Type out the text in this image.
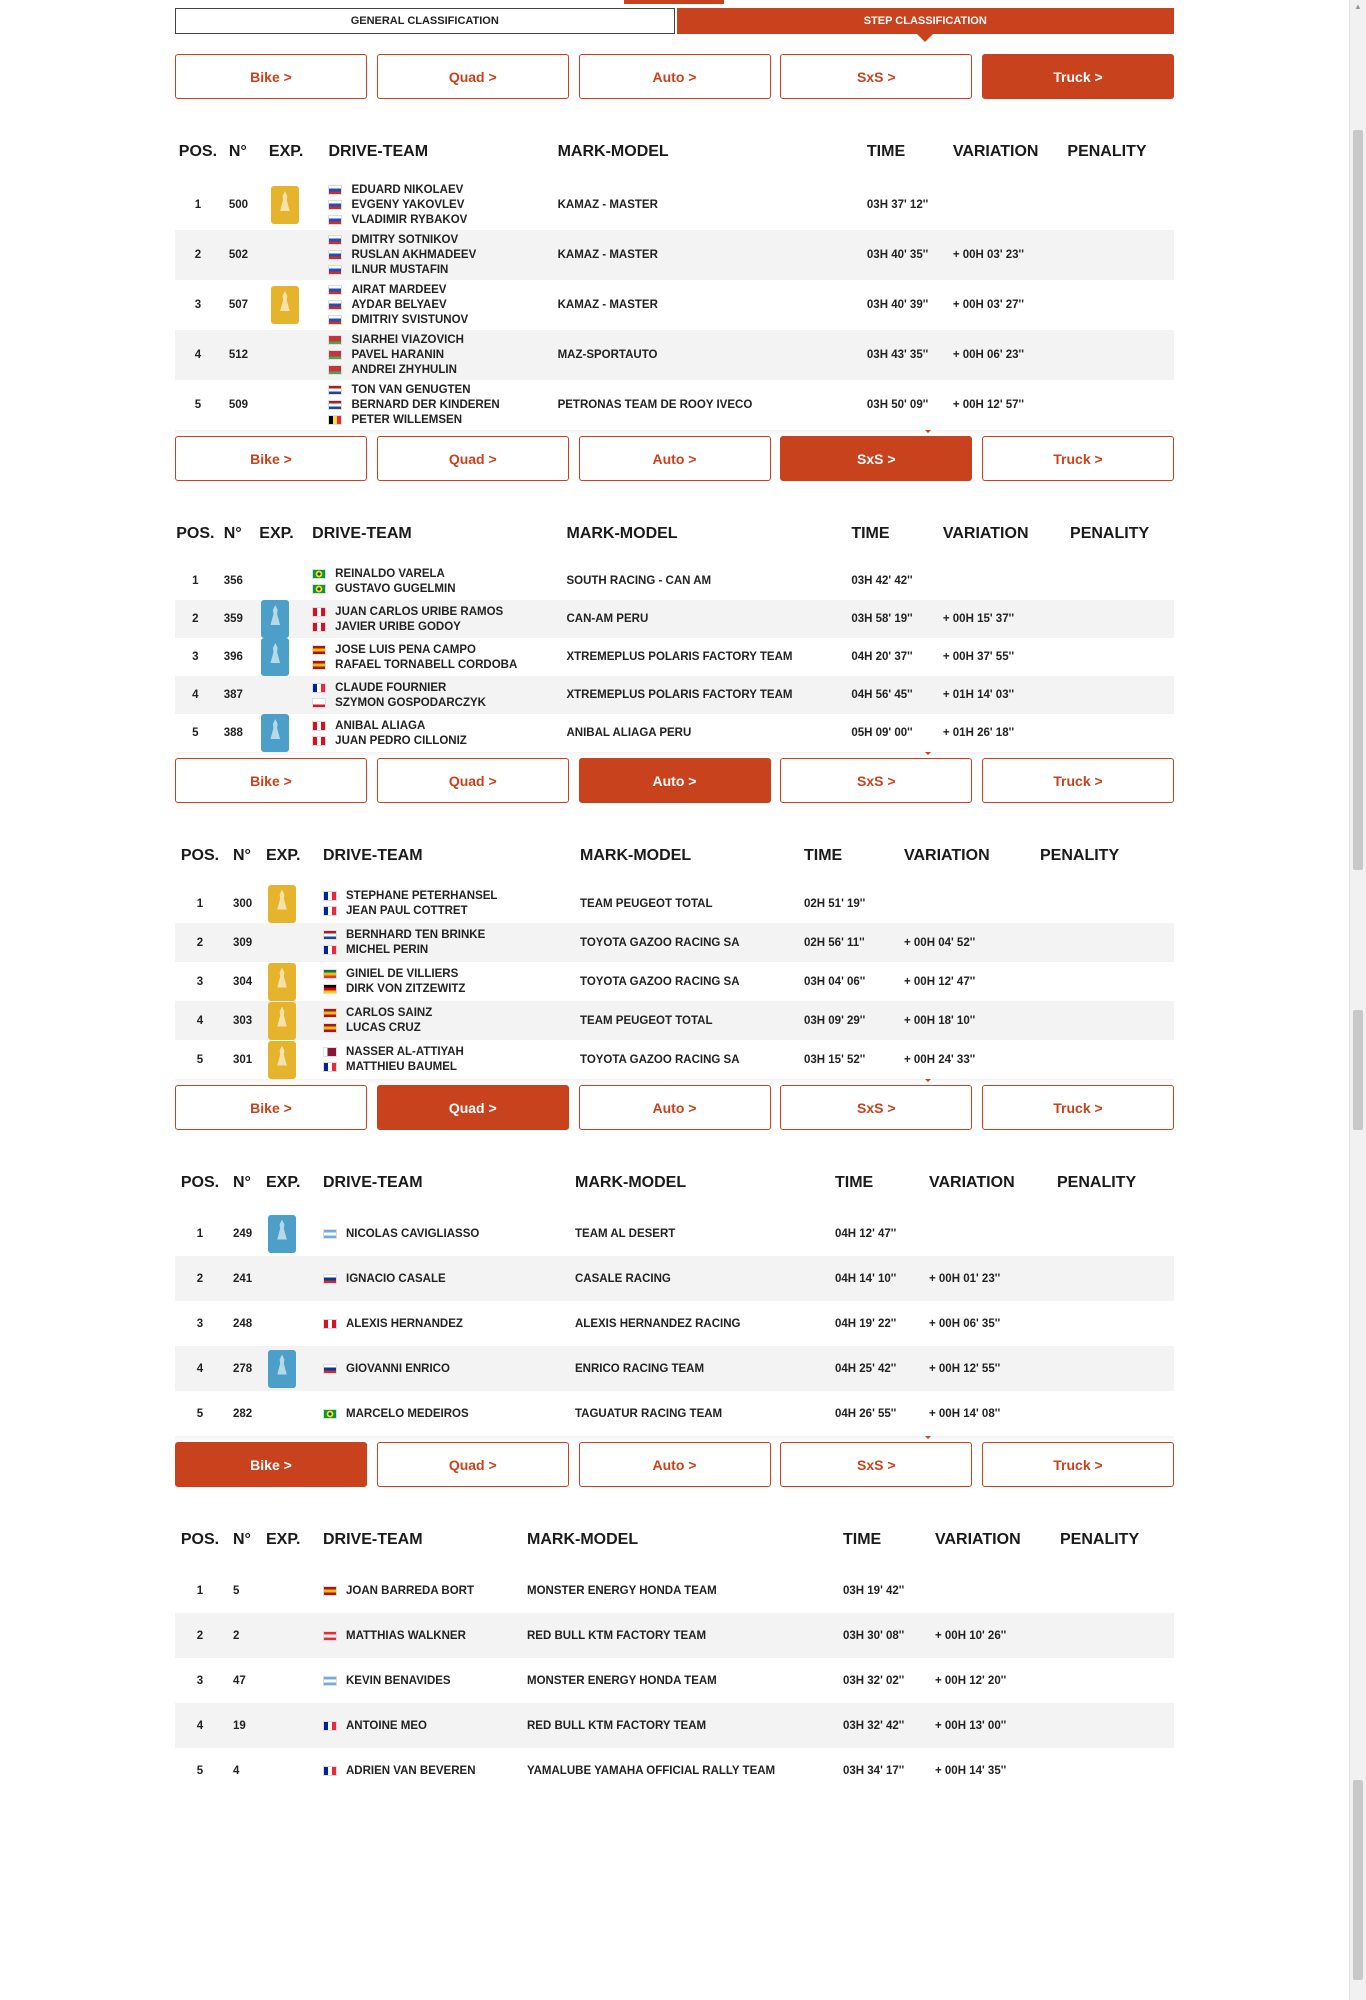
▲
GENERAL CLASSIFICATION	STEP CLASSIFICATION
Bike >	Quad >	Auto >	SxS >	Truck >
POS.	N°	EXP.	DRIVE-TEAM	MARK-MODEL	TIME	VARIATION	PENALITY
1	500		EDUARD NIKOLAEV
EVGENY YAKOVLEV
VLADIMIR RYBAKOV	KAMAZ - MASTER	03H 37' 12''		
2	502		DMITRY SOTNIKOV
RUSLAN AKHMADEEV
ILNUR MUSTAFIN	KAMAZ - MASTER	03H 40' 35''	+ 00H 03' 23''	
3	507		AIRAT MARDEEV
AYDAR BELYAEV
DMITRIY SVISTUNOV	KAMAZ - MASTER	03H 40' 39''	+ 00H 03' 27''	
4	512		SIARHEI VIAZOVICH
PAVEL HARANIN
ANDREI ZHYHULIN	MAZ-SPORTAUTO	03H 43' 35''	+ 00H 06' 23''	
5	509		TON VAN GENUGTEN
BERNARD DER KINDEREN
PETER WILLEMSEN	PETRONAS TEAM DE ROOY IVECO	03H 50' 09''	+ 00H 12' 57''	
Bike >	Quad >	Auto >	SxS >	Truck >
POS.	N°	EXP.	DRIVE-TEAM	MARK-MODEL	TIME	VARIATION	PENALITY
1	356		REINALDO VARELA
GUSTAVO GUGELMIN	SOUTH RACING - CAN AM	03H 42' 42''		
2	359		JUAN CARLOS URIBE RAMOS
JAVIER URIBE GODOY	CAN-AM PERU	03H 58' 19''	+ 00H 15' 37''	
3	396		JOSE LUIS PENA CAMPO
RAFAEL TORNABELL CORDOBA	XTREMEPLUS POLARIS FACTORY TEAM	04H 20' 37''	+ 00H 37' 55''	
4	387		CLAUDE FOURNIER
SZYMON GOSPODARCZYK	XTREMEPLUS POLARIS FACTORY TEAM	04H 56' 45''	+ 01H 14' 03''	
5	388		ANIBAL ALIAGA
JUAN PEDRO CILLONIZ	ANIBAL ALIAGA PERU	05H 09' 00''	+ 01H 26' 18''	
Bike >	Quad >	Auto >	SxS >	Truck >
POS.	N°	EXP.	DRIVE-TEAM	MARK-MODEL	TIME	VARIATION	PENALITY
1	300		STEPHANE PETERHANSEL
JEAN PAUL COTTRET	TEAM PEUGEOT TOTAL	02H 51' 19''		
2	309		BERNHARD TEN BRINKE
MICHEL PERIN	TOYOTA GAZOO RACING SA	02H 56' 11''	+ 00H 04' 52''	
3	304		GINIEL DE VILLIERS
DIRK VON ZITZEWITZ	TOYOTA GAZOO RACING SA	03H 04' 06''	+ 00H 12' 47''	
4	303		CARLOS SAINZ
LUCAS CRUZ	TEAM PEUGEOT TOTAL	03H 09' 29''	+ 00H 18' 10''	
5	301		NASSER AL-ATTIYAH
MATTHIEU BAUMEL	TOYOTA GAZOO RACING SA	03H 15' 52''	+ 00H 24' 33''	
Bike >	Quad >	Auto >	SxS >	Truck >
POS.	N°	EXP.	DRIVE-TEAM	MARK-MODEL	TIME	VARIATION	PENALITY
1	249		NICOLAS CAVIGLIASSO	TEAM AL DESERT	04H 12' 47''		
2	241		IGNACIO CASALE	CASALE RACING	04H 14' 10''	+ 00H 01' 23''	
3	248		ALEXIS HERNANDEZ	ALEXIS HERNANDEZ RACING	04H 19' 22''	+ 00H 06' 35''	
4	278		GIOVANNI ENRICO	ENRICO RACING TEAM	04H 25' 42''	+ 00H 12' 55''	
5	282		MARCELO MEDEIROS	TAGUATUR RACING TEAM	04H 26' 55''	+ 00H 14' 08''	
Bike >	Quad >	Auto >	SxS >	Truck >
POS.	N°	EXP.	DRIVE-TEAM	MARK-MODEL	TIME	VARIATION	PENALITY
1	5		JOAN BARREDA BORT	MONSTER ENERGY HONDA TEAM	03H 19' 42''		
2	2		MATTHIAS WALKNER	RED BULL KTM FACTORY TEAM	03H 30' 08''	+ 00H 10' 26''	
3	47		KEVIN BENAVIDES	MONSTER ENERGY HONDA TEAM	03H 32' 02''	+ 00H 12' 20''	
4	19		ANTOINE MEO	RED BULL KTM FACTORY TEAM	03H 32' 42''	+ 00H 13' 00''	
5	4		ADRIEN VAN BEVEREN	YAMALUBE YAMAHA OFFICIAL RALLY TEAM	03H 34' 17''	+ 00H 14' 35''	
